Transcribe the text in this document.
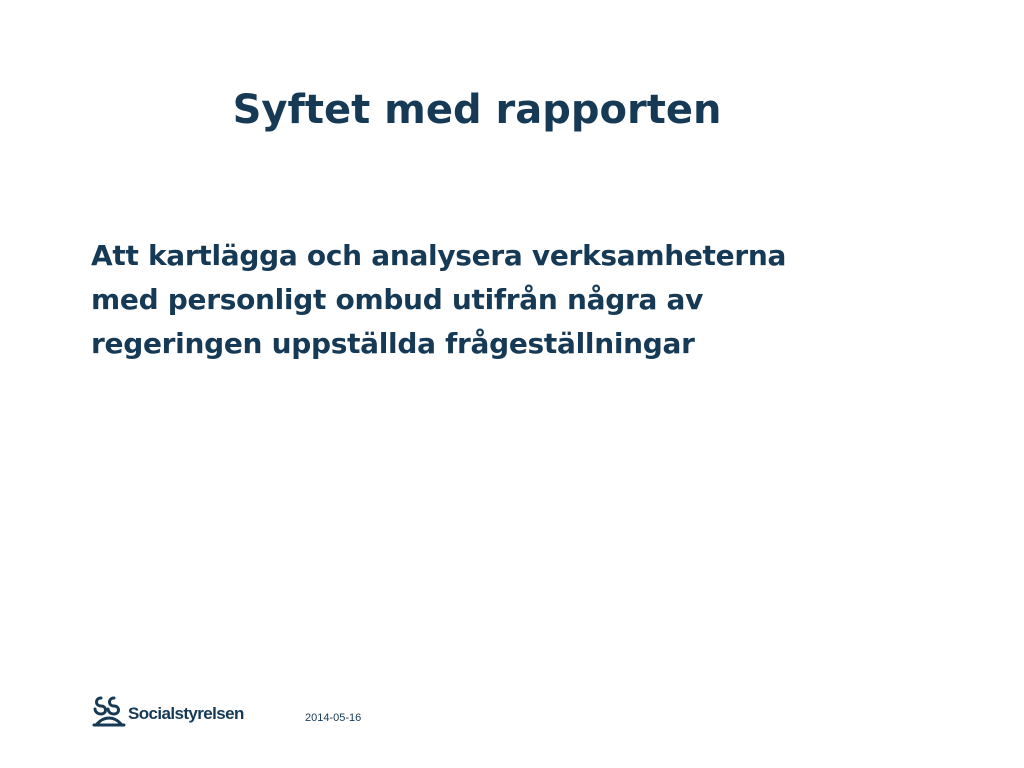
Syftet med rapporten

Att kartlägga och analysera verksamheterna med personligt ombud utifrån några av regeringen uppställda frågeställningar

Socialstyrelsen	2014-05-16
